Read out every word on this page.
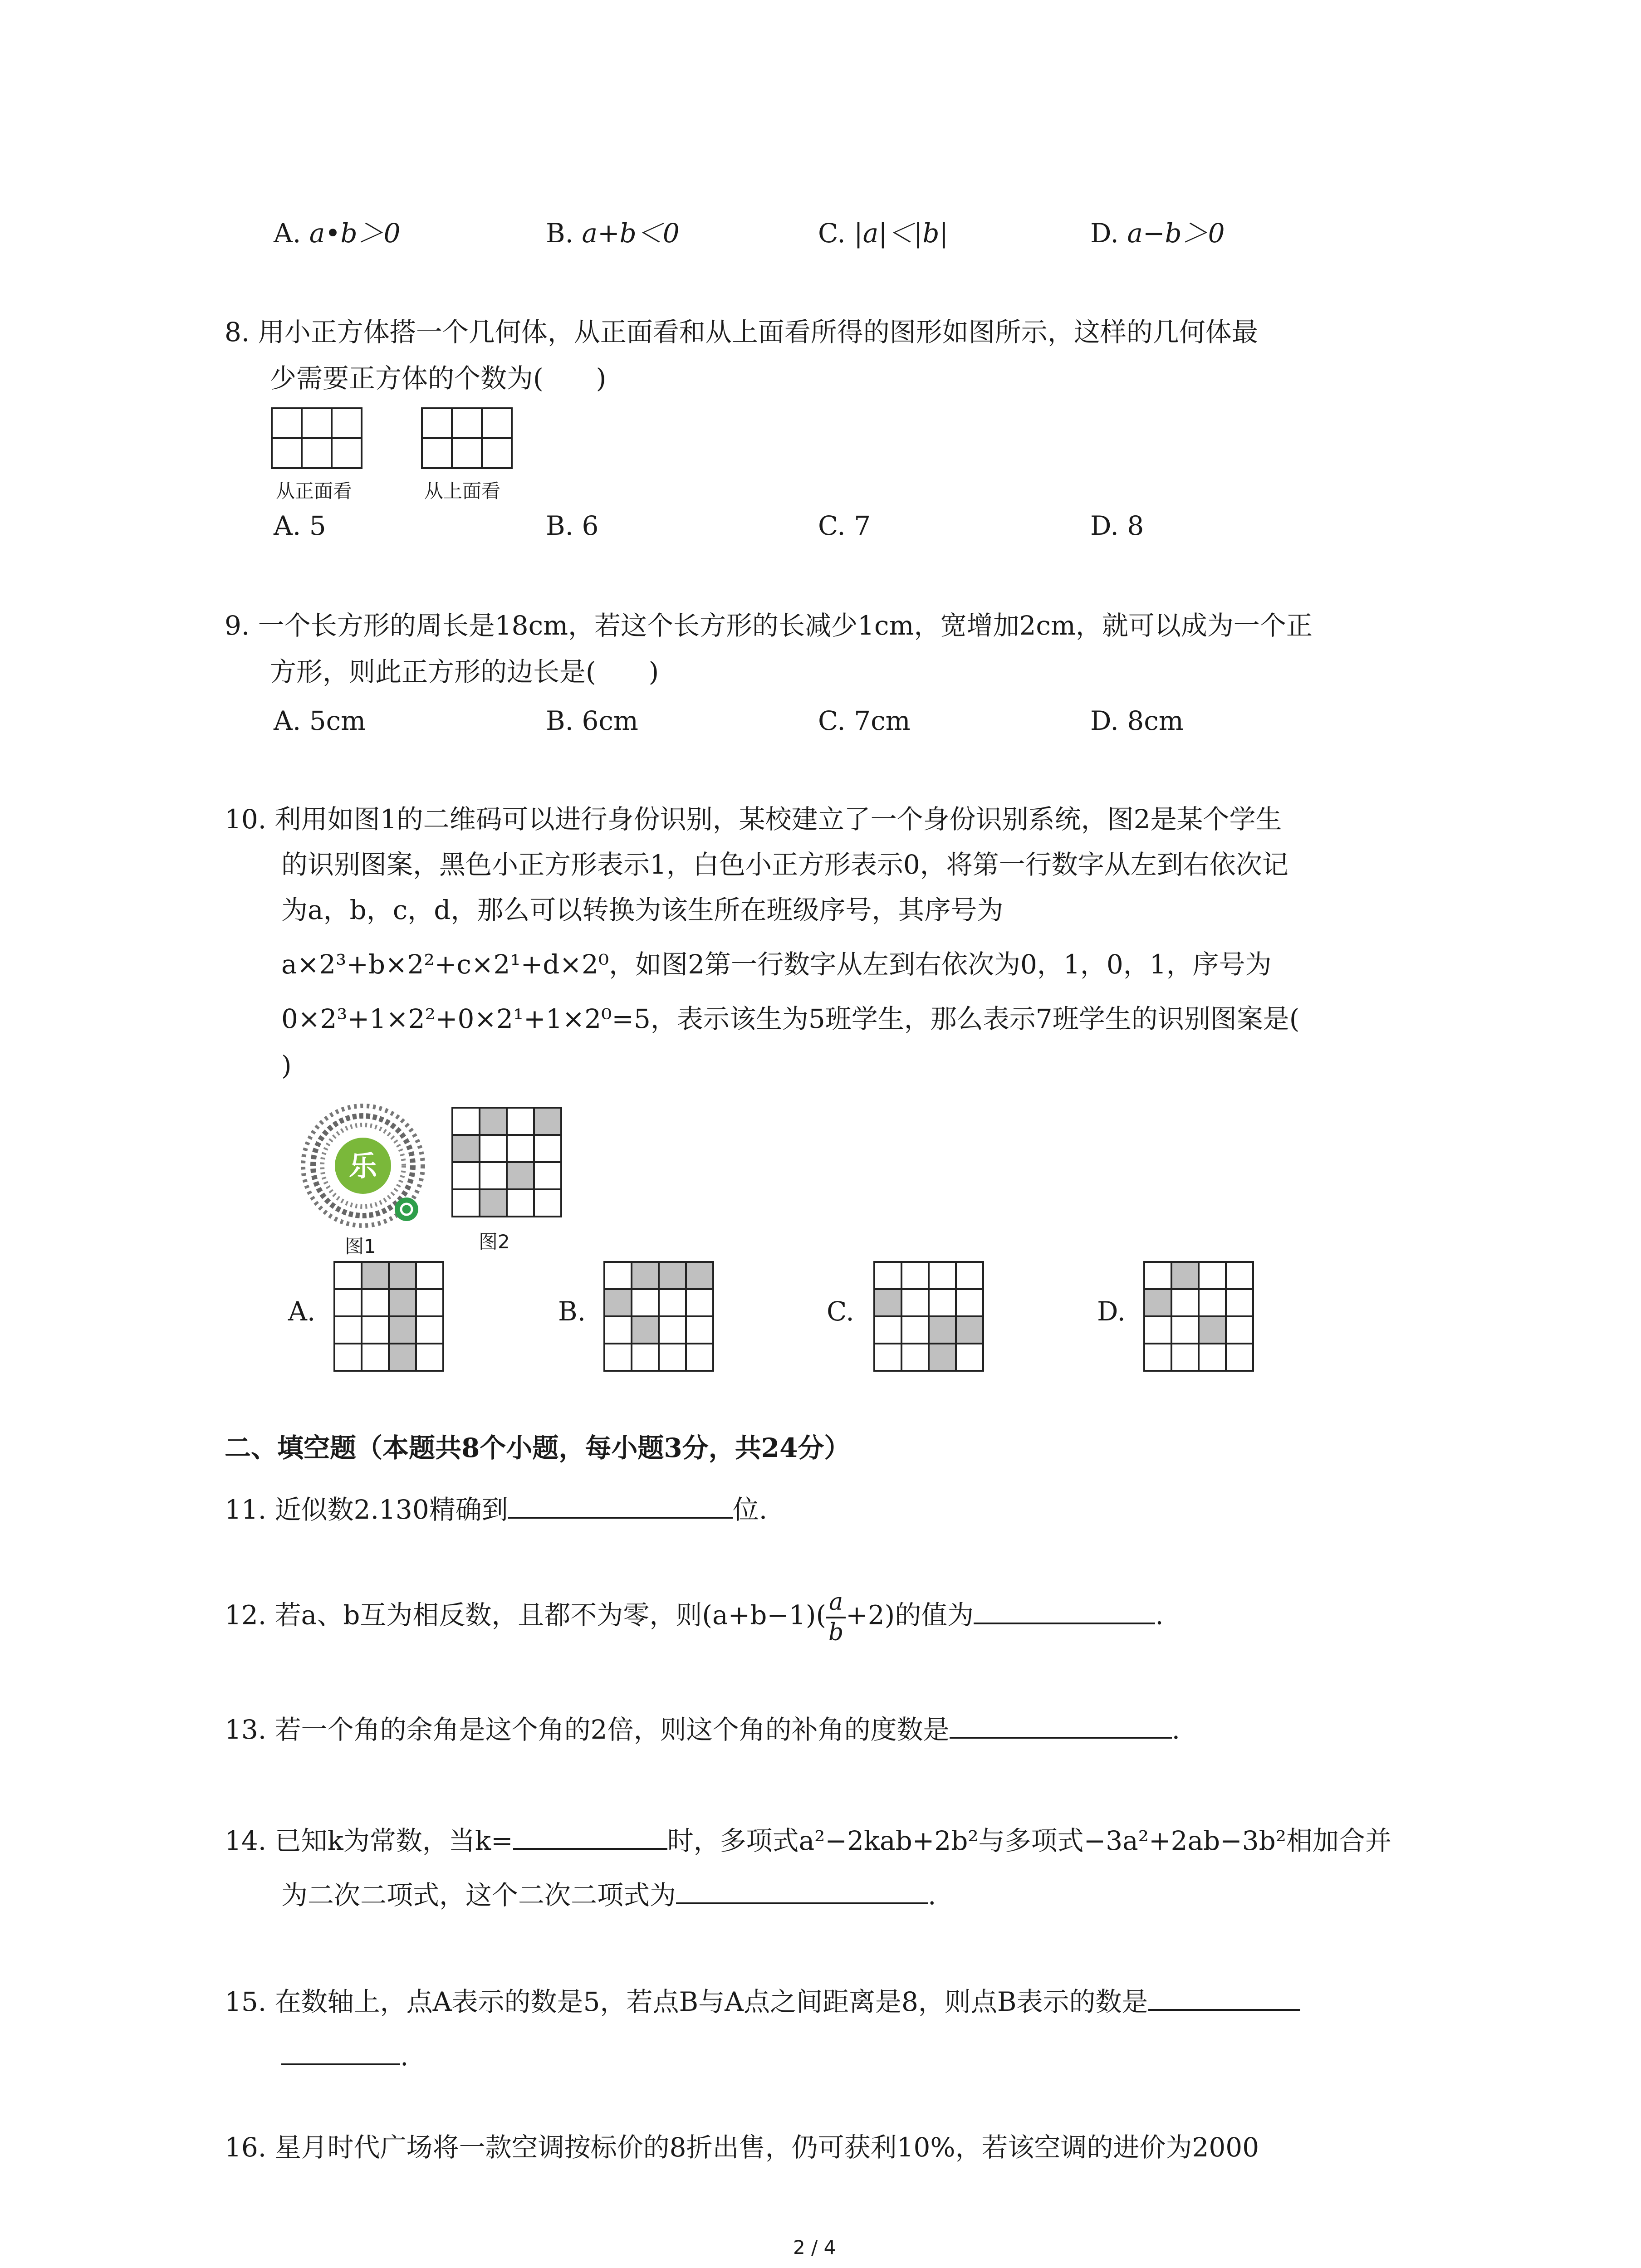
A. a•b＞0	B. a+b＜0	C. |a|＜|b|	D. a−b＞0
8. 用小正方体搭一个几何体，从正面看和从上面看所得的图形如图所示，这样的几何体最
少需要正方体的个数为(　　)

从正面看

			从上面看
A. 5	B. 6	C. 7	D. 8
9. 一个长方形的周长是18cm，若这个长方形的长减少1cm，宽增加2cm，就可以成为一个正
方形，则此正方形的边长是(　　)
A. 5cm	B. 6cm	C. 7cm	D. 8cm
10. 利用如图1的二维码可以进行身份识别，某校建立了一个身份识别系统，图2是某个学生
的识别图案，黑色小正方形表示1，白色小正方形表示0，将第一行数字从左到右依次记
为a，b，c，d，那么可以转换为该生所在班级序号，其序号为
a×2³+b×2²+c×2¹+d×2⁰，如图2第一行数字从左到右依次为0，1，0，1，序号为
0×2³+1×2²+0×2¹+1×2⁰=5，表示该生为5班学生，那么表示7班学生的识别图案是(
)
乐
图1

				图2
A.

				B.

				C.

				D.

二、填空题（本题共8个小题，每小题3分，共24分）
11. 近似数2.130精确到	位.
12. 若a、b互为相反数，且都不为零，则$(a+b-1)( \frac{a}{b} +2)$的值为	.
13. 若一个角的余角是这个角的2倍，则这个角的补角的度数是	.
14. 已知k为常数，当k=	时，多项式a²−2kab+2b²与多项式−3a²+2ab−3b²相加合并
为二次二项式，这个二次二项式为	.
15. 在数轴上，点A表示的数是5，若点B与A点之间距离是8，则点B表示的数是
.
16. 星月时代广场将一款空调按标价的8折出售，仍可获利10%，若该空调的进价为2000
2 / 4
